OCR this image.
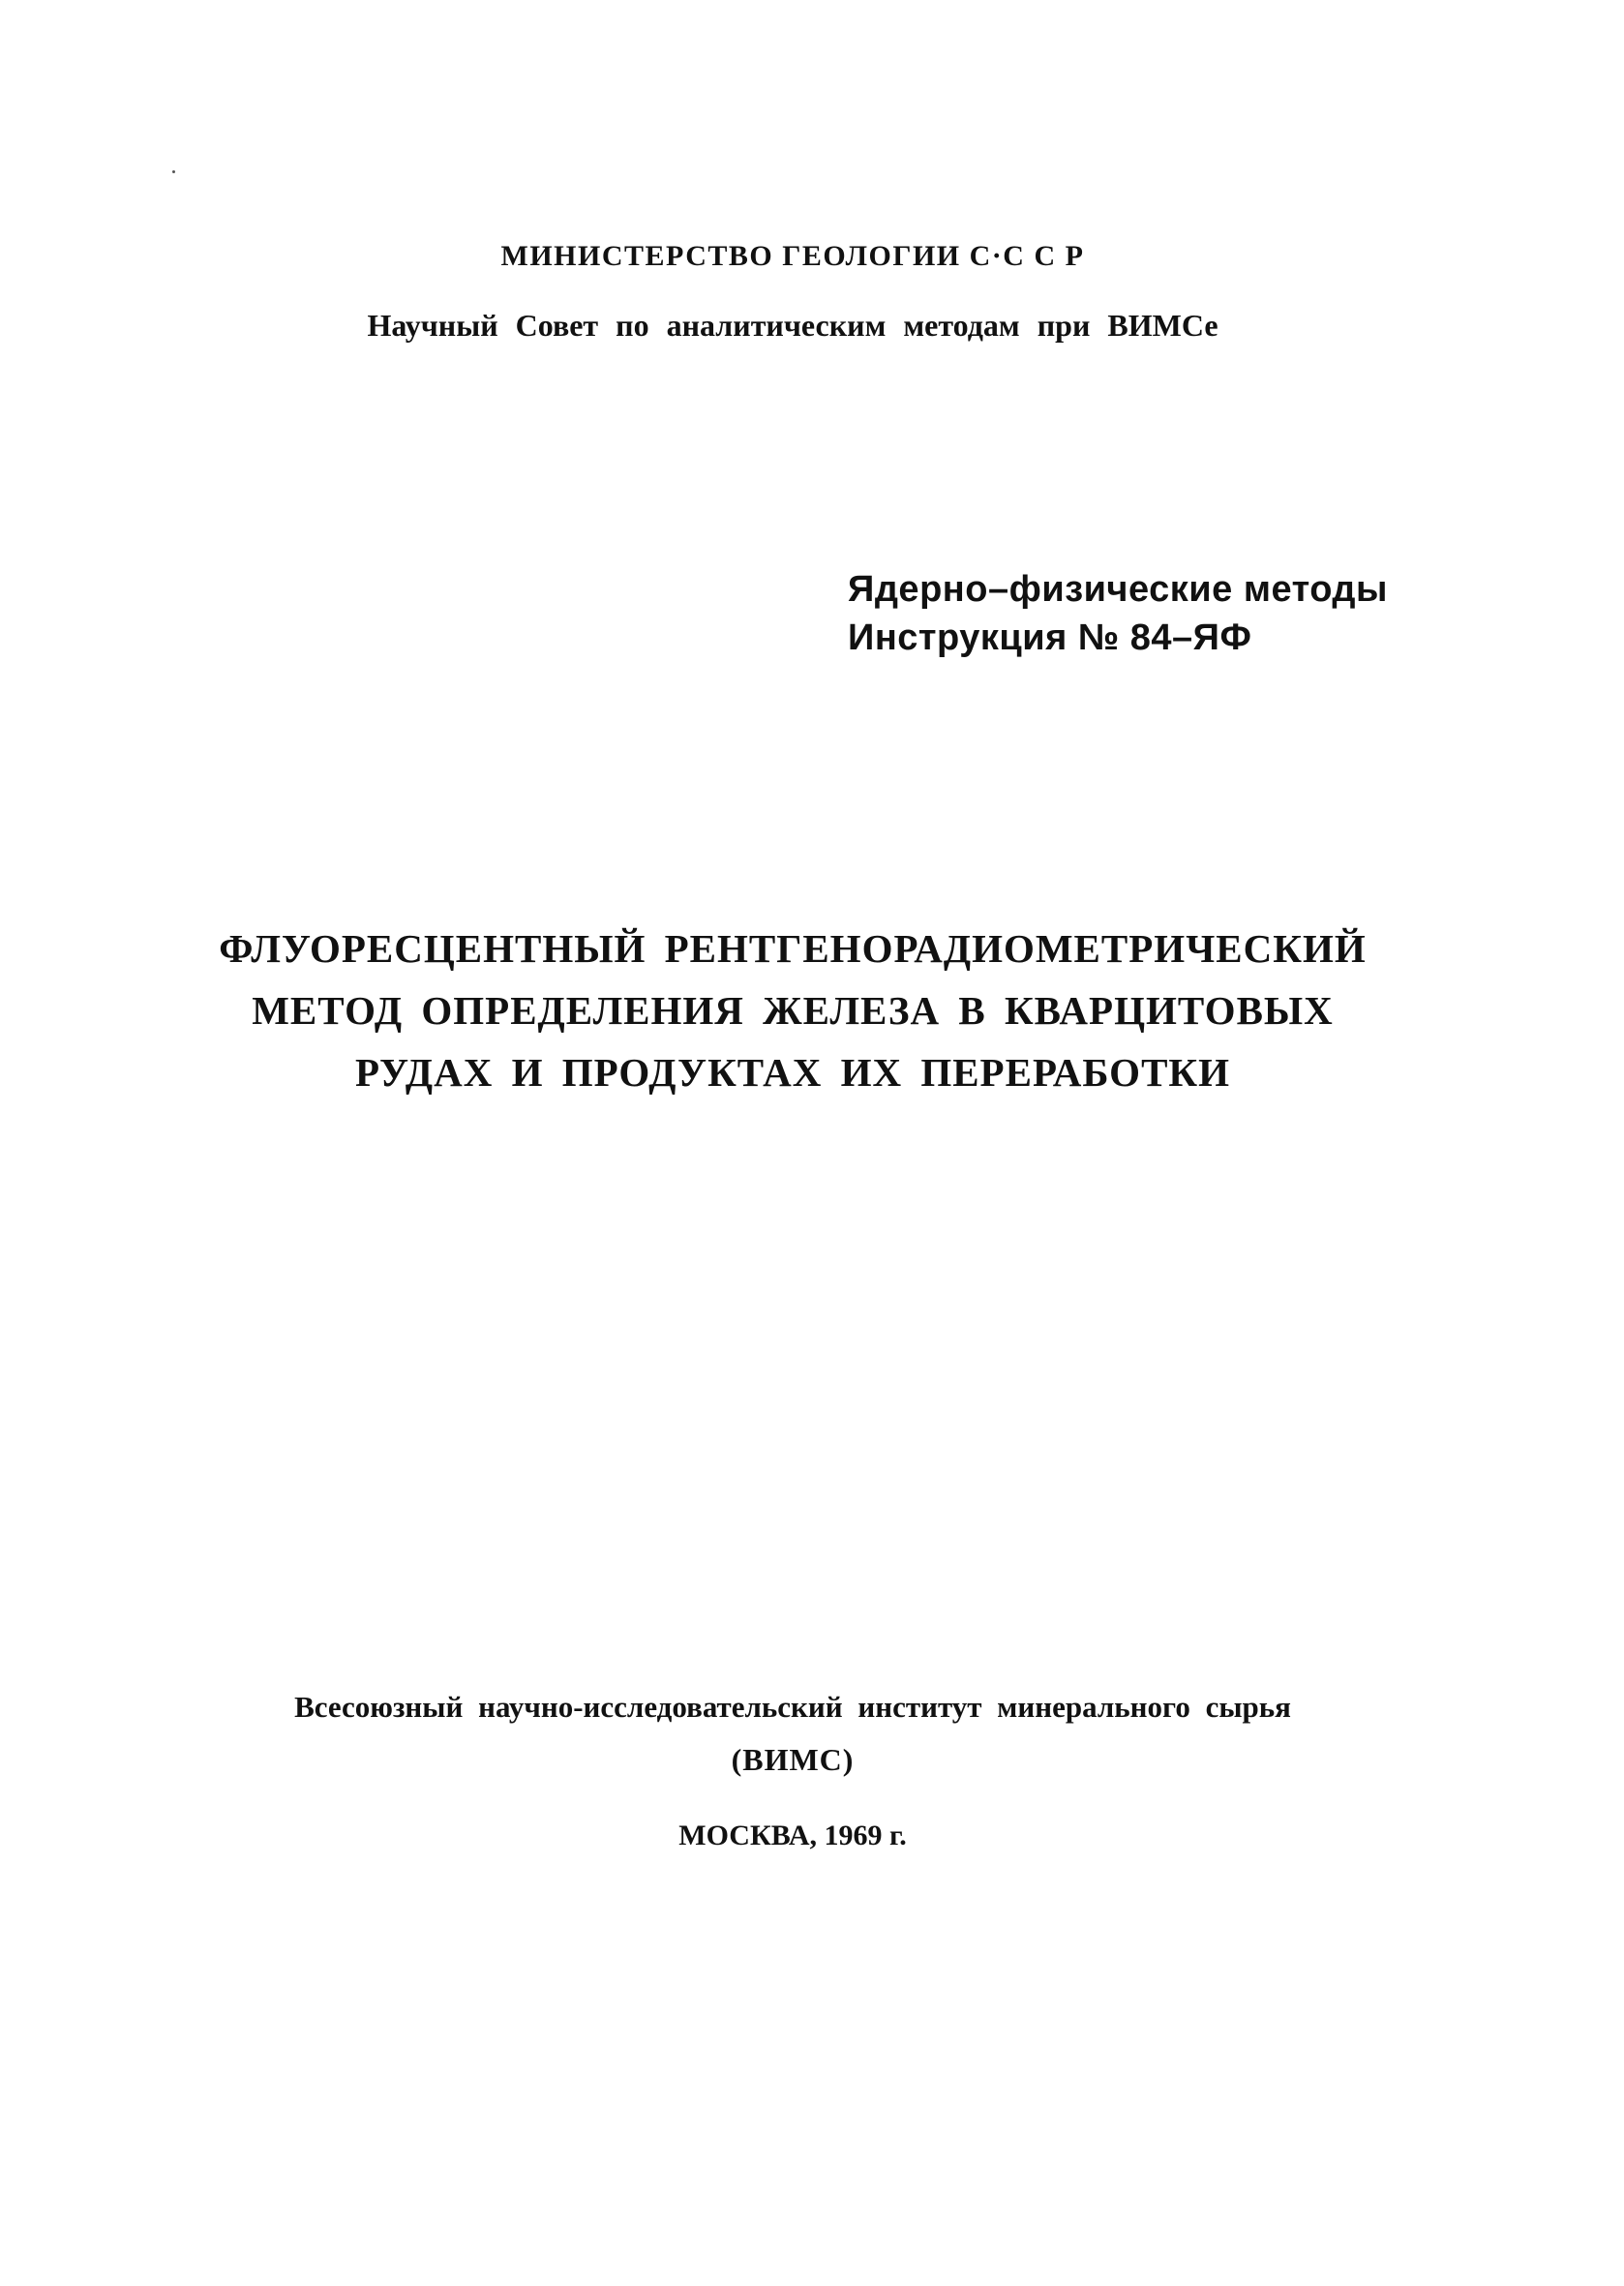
МИНИСТЕРСТВО ГЕОЛОГИИ С·С С Р
Научный Совет по аналитическим методам при ВИМСе
Ядерно–физические методы
Инструкция № 84–ЯФ
ФЛУОРЕСЦЕНТНЫЙ РЕНТГЕНОРАДИОМЕТРИЧЕСКИЙ
МЕТОД ОПРЕДЕЛЕНИЯ ЖЕЛЕЗА В КВАРЦИТОВЫХ
РУДАХ И ПРОДУКТАХ ИХ ПЕРЕРАБОТКИ
Всесоюзный научно-исследовательский институт минерального сырья
(ВИМС)
МОСКВА, 1969 г.
